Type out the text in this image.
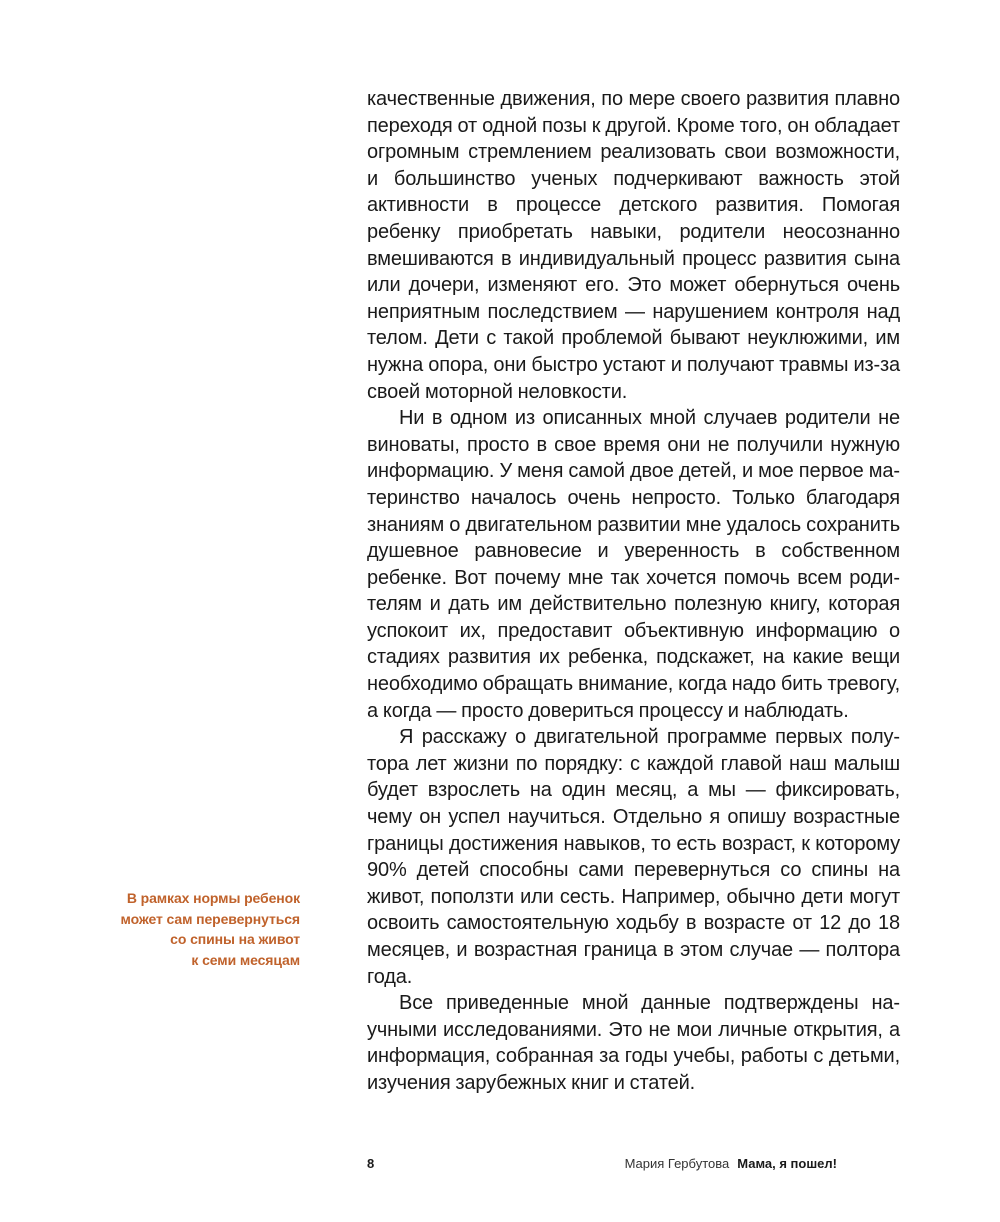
качественные движения, по мере своего развития плавно переходя от одной позы к другой. Кроме того, он обладает огромным стремлением реализовать свои возможности, и большинство ученых подчеркивают важность этой активности в процессе детского развития. Помогая ребенку приобретать навыки, родители неосознанно вмешиваются в индивидуальный процесс развития сына или дочери, изменяют его. Это может обернуться очень неприятным последствием — нарушением контроля над телом. Дети с такой проблемой бывают неуклюжими, им нужна опора, они быстро устают и получают травмы из-за своей моторной неловкости.

Ни в одном из описанных мной случаев родители не виноваты, просто в свое время они не получили нужную информацию. У меня самой двое детей, и мое первое материнство началось очень непросто. Только благодаря знаниям о двигательном развитии мне удалось сохранить душевное равновесие и уверенность в собственном ребенке. Вот почему мне так хочется помочь всем родителям и дать им действительно полезную книгу, которая успокоит их, предоставит объективную информацию о стадиях развития их ребенка, подскажет, на какие вещи необходимо обращать внимание, когда надо бить тревогу, а когда — просто довериться процессу и наблюдать.

Я расскажу о двигательной программе первых полутора лет жизни по порядку: с каждой главой наш малыш будет взрослеть на один месяц, а мы — фиксировать, чему он успел научиться. Отдельно я опишу возрастные границы достижения навыков, то есть возраст, к которому 90% детей способны сами перевернуться со спины на живот, поползти или сесть. Например, обычно дети могут освоить самостоятельную ходьбу в возрасте от 12 до 18 месяцев, и возрастная граница в этом случае — полтора года.

Все приведенные мной данные подтверждены научными исследованиями. Это не мои личные открытия, а информация, собранная за годы учебы, работы с детьми, изучения зарубежных книг и статей.

В рамках нормы ребенок
может сам перевернуться
со спины на живот
к семи месяцам
8	Мария Гербутова Мама, я пошел!
